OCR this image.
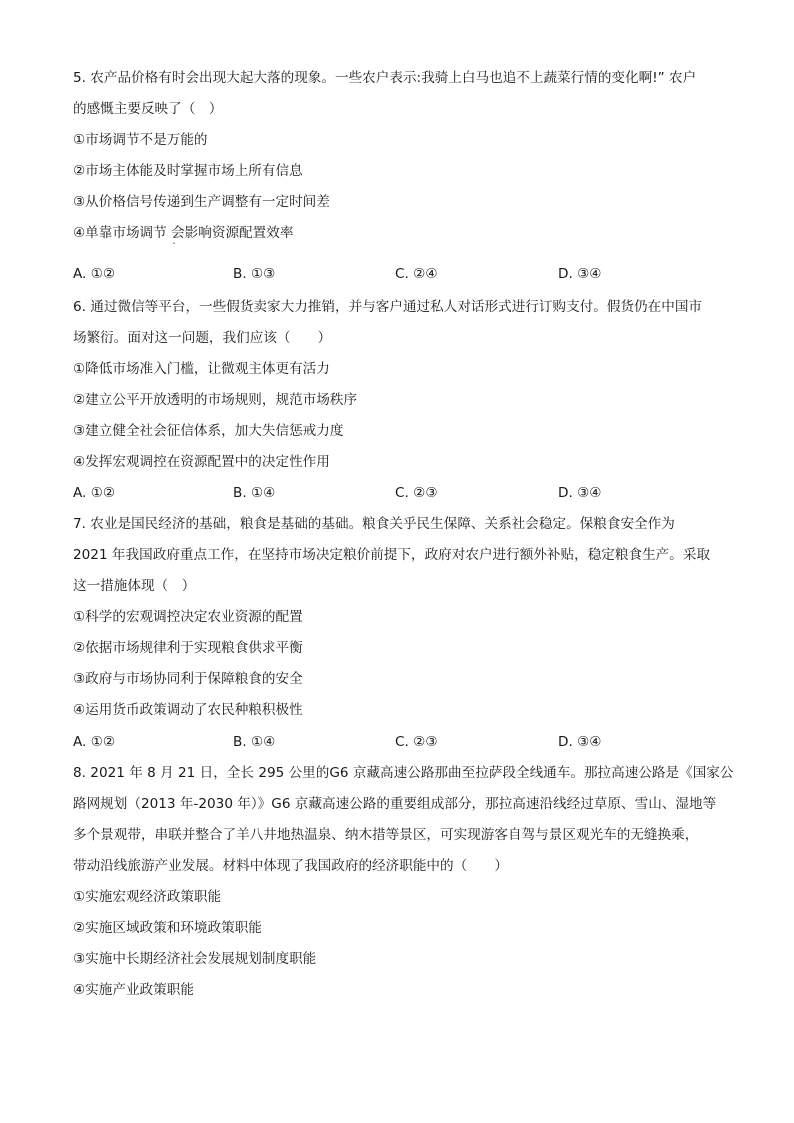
5. 农产品价格有时会出现大起大落的现象。一些农户表示:我骑上白马也追不上蔬菜行情的变化啊!” 农户
的感慨主要反映了（　）
①市场调节不是万能的
②市场主体能及时掌握市场上所有信息
③从价格信号传递到生产调整有一定时间差
④单靠市场调节 会影响资源配置效率
ˇ
A. ①②	B. ①③	C. ②④	D. ③④
6. 通过微信等平台，一些假货卖家大力推销，并与客户通过私人对话形式进行订购支付。假货仍在中国市
场繁衍。面对这一问题，我们应该（　　）
①降低市场准入门槛，让微观主体更有活力
②建立公平开放透明的市场规则，规范市场秩序
③建立健全社会征信体系，加大失信惩戒力度
④发挥宏观调控在资源配置中的决定性作用
A. ①②	B. ①④	C. ②③	D. ③④
7. 农业是国民经济的基础，粮食是基础的基础。粮食关乎民生保障、关系社会稳定。保粮食安全作为
2021 年我国政府重点工作，在坚持市场决定粮价前提下，政府对农户进行额外补贴，稳定粮食生产。采取
这一措施体现（　）
①科学的宏观调控决定农业资源的配置
②依据市场规律利于实现粮食供求平衡
③政府与市场协同利于保障粮食的安全
④运用货币政策调动了农民种粮积极性
A. ①②	B. ①④	C. ②③	D. ③④
8. 2021 年 8 月 21 日，全长 295 公里的G6 京藏高速公路那曲至拉萨段全线通车。那拉高速公路是《国家公
路网规划（2013 年-2030 年）》G6 京藏高速公路的重要组成部分，那拉高速沿线经过草原、雪山、湿地等
多个景观带，串联并整合了羊八井地热温泉、纳木措等景区，可实现游客自驾与景区观光车的无缝换乘，
带动沿线旅游产业发展。材料中体现了我国政府的经济职能中的（　　）
①实施宏观经济政策职能
②实施区域政策和环境政策职能
③实施中长期经济社会发展规划制度职能
④实施产业政策职能
